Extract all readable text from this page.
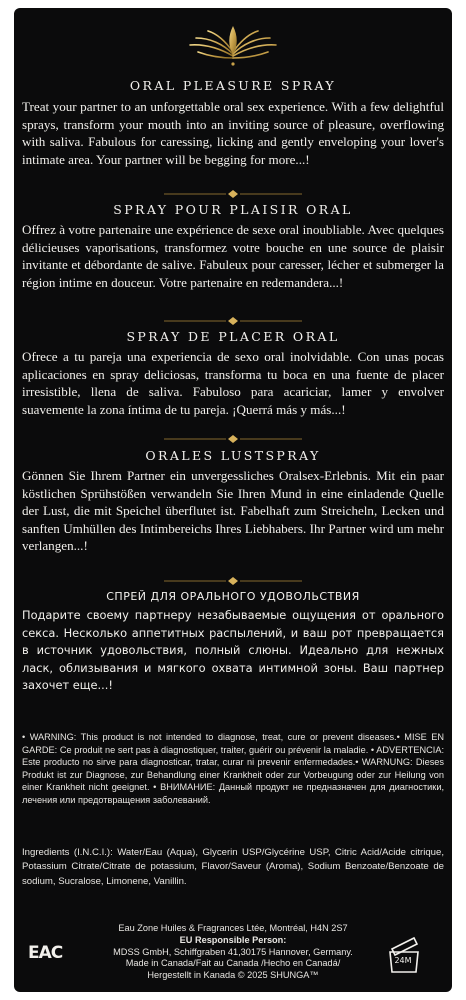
ORAL PLEASURE SPRAY

Treat your partner to an unforgettable oral sex experience. With a few delightful sprays, transform your mouth into an inviting source of pleasure, overflowing with saliva. Fabulous for caressing, licking and gently enveloping your lover's intimate area. Your partner will be begging for more...!

SPRAY POUR PLAISIR ORAL

Offrez à votre partenaire une expérience de sexe oral inoubliable. Avec quelques délicieuses vaporisations, transformez votre bouche en une source de plaisir invitante et débordante de salive. Fabuleux pour caresser, lécher et submerger la région intime en douceur. Votre partenaire en redemandera...!

SPRAY DE PLACER ORAL

Ofrece a tu pareja una experiencia de sexo oral inolvidable. Con unas pocas aplicaciones en spray deliciosas, transforma tu boca en una fuente de placer irresistible, llena de saliva. Fabuloso para acariciar, lamer y envolver suavemente la zona íntima de tu pareja. ¡Querrá más y más...!

ORALES LUSTSPRAY

Gönnen Sie Ihrem Partner ein unvergessliches Oralsex-Erlebnis. Mit ein paar köstlichen Sprühstößen verwandeln Sie Ihren Mund in eine einladende Quelle der Lust, die mit Speichel überflutet ist. Fabelhaft zum Streicheln, Lecken und sanften Umhüllen des Intimbereichs Ihres Liebhabers. Ihr Partner wird um mehr verlangen...!

СПРЕЙ ДЛЯ ОРАЛЬНОГО УДОВОЛЬСТВИЯ

Подарите своему партнеру незабываемые ощущения от орального секса. Несколько аппетитных распылений, и ваш рот превращается в источник удовольствия, полный слюны. Идеально для нежных ласк, облизывания и мягкого охвата интимной зоны. Ваш партнер захочет еще...!

• WARNING: This product is not intended to diagnose, treat, cure or prevent diseases.• MISE EN GARDE: Ce produit ne sert pas à diagnostiquer, traiter, guérir ou prévenir la maladie. • ADVERTENCIA: Este producto no sirve para diagnosticar, tratar, curar ni prevenir enfermedades.• WARNUNG: Dieses Produkt ist zur Diagnose, zur Behandlung einer Krankheit oder zur Vorbeugung oder zur Heilung von einer Krankheit nicht geeignet. • ВНИМАНИЕ: Данный продукт не предназначен для диагностики, лечения или предотвращения заболеваний.

Ingredients (I.N.C.I.): Water/Eau (Aqua), Glycerin USP/Glycérine USP, Citric Acid/Acide citrique, Potassium Citrate/Citrate de potassium, Flavor/Saveur (Aroma), Sodium Benzoate/Benzoate de sodium, Sucralose, Limonene, Vanillin.

Eau Zone Huiles & Fragrances Ltée, Montréal, H4N 2S7
EU Responsible Person:
MDSS GmbH, Schiffgraben 41,30175 Hannover, Germany.
Made in Canada/Fait au Canada /Hecho en Canadá/
Hergestellt in Kanada © 2025 SHUNGA™
EAC	24M
